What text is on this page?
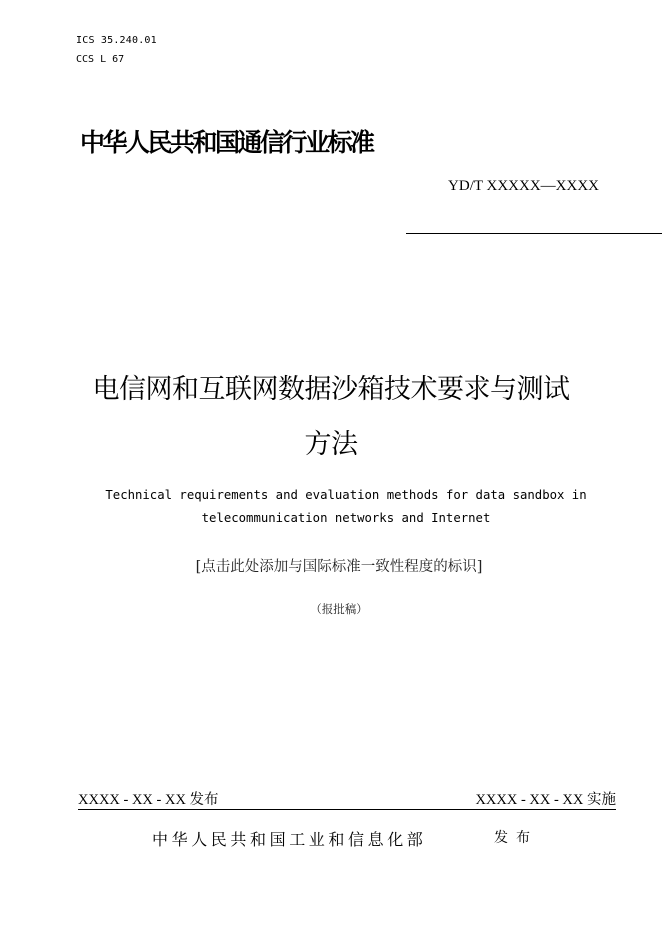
ICS 35.240.01
CCS L 67
中华人民共和国通信行业标准
YD/T XXXXX—XXXX
电信网和互联网数据沙箱技术要求与测试
方法
Technical requirements and evaluation methods for data sandbox in
telecommunication networks and Internet
[点击此处添加与国际标准一致性程度的标识]
（报批稿）
XXXX - XX - XX 发布	XXXX - XX - XX 实施
中华人民共和国工业和信息化部	发布
